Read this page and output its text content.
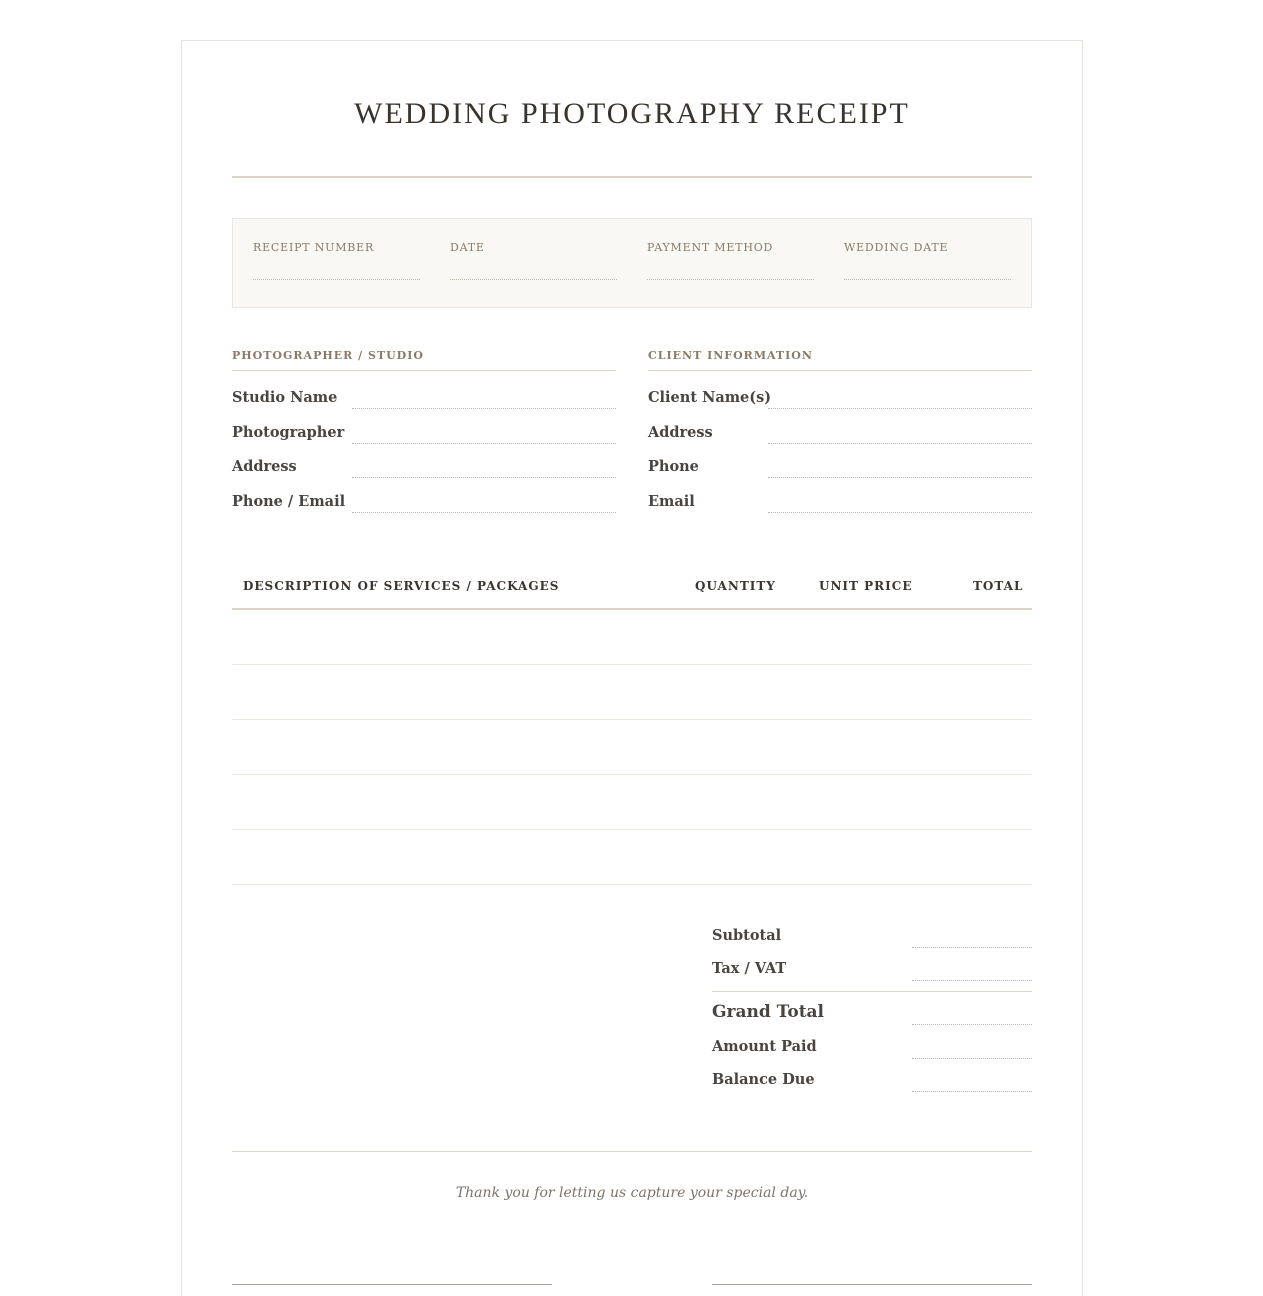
WEDDING PHOTOGRAPHY RECEIPT
RECEIPT NUMBER	DATE	PAYMENT METHOD	WEDDING DATE
PHOTOGRAPHER / STUDIO
Studio Name
Photographer
Address
Phone / Email
CLIENT INFORMATION
Client Name(s)
Address
Phone
Email
DESCRIPTION OF SERVICES / PACKAGES	QUANTITY	UNIT PRICE	TOTAL
Subtotal
Tax / VAT
Grand Total
Amount Paid
Balance Due
Thank you for letting us capture your special day.
